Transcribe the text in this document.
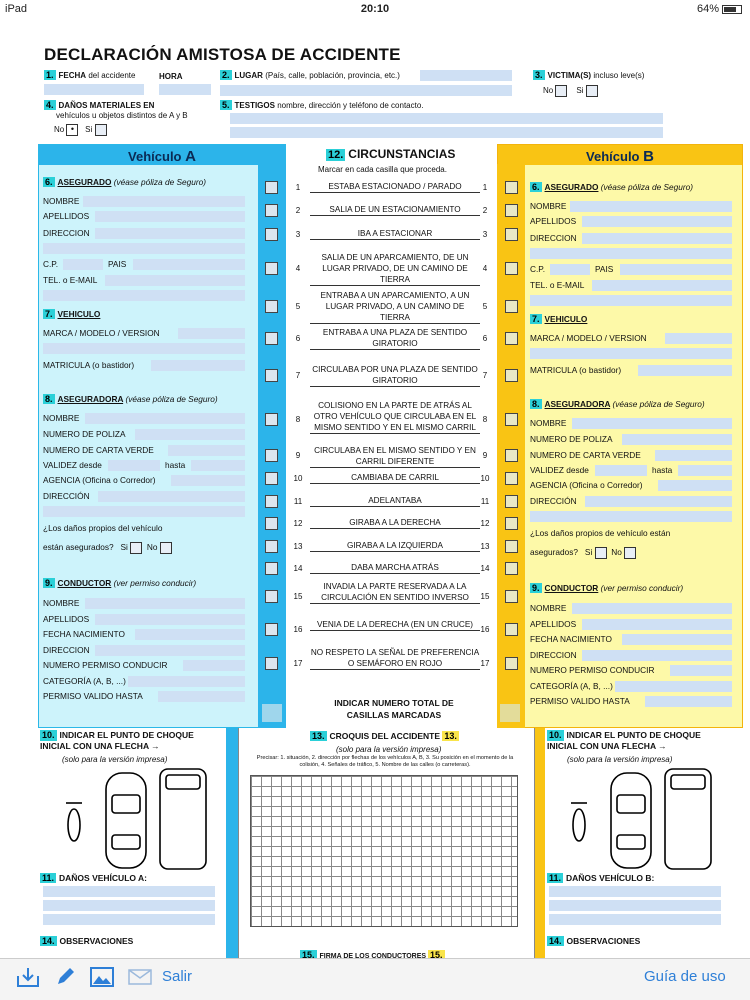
iPad	20:10	64%
DECLARACIÓN AMISTOSA DE ACCIDENTE
1. FECHA del accidente	HORA	2. LUGAR (País, calle, población, provincia, etc.)	3. VICTIMA(S) incluso leve(s)
No	Si
4. DAÑOS MATERIALES EN
vehículos u objetos distintos de A y B
No • Si
5. TESTIGOS nombre, dirección y teléfono de contacto.
Vehículo A	Vehículo B
12. CIRCUNSTANCIAS
Marcar en cada casilla que proceda.
ESTABA ESTACIONADO / PARADO
1	1
SALIA DE UN ESTACIONAMIENTO
2	2
IBA A ESTACIONAR
3	3
SALIA DE UN APARCAMIENTO, DE UN LUGAR PRIVADO, DE UN CAMINO DE TIERRA
4	4
ENTRABA A UN APARCAMIENTO, A UN LUGAR PRIVADO, A UN CAMINO DE TIERRA
5	5
ENTRABA A UNA PLAZA DE SENTIDO GIRATORIO
6	6
CIRCULABA POR UNA PLAZA DE SENTIDO GIRATORIO
7	7
COLISIONO EN LA PARTE DE ATRÁS AL OTRO VEHÍCULO QUE CIRCULABA EN EL MISMO SENTIDO Y EN EL MISMO CARRIL
8	8
CIRCULABA EN EL MISMO SENTIDO Y EN CARRIL DIFERENTE
9	9
CAMBIABA DE CARRIL
10	10
ADELANTABA
11	11
GIRABA A LA DERECHA
12	12
GIRABA A LA IZQUIERDA
13	13
DABA MARCHA ATRÁS
14	14
INVADIA LA PARTE RESERVADA A LA CIRCULACIÓN EN SENTIDO INVERSO
15	15
VENIA DE LA DERECHA (EN UN CRUCE)
16	16
NO RESPETO LA SEÑAL DE PREFERENCIA O SEMÁFORO EN ROJO
17	17
INDICAR NUMERO TOTAL DE CASILLAS MARCADAS
6. ASEGURADO (véase póliza de Seguro)
NOMBRE
APELLIDOS
DIRECCION
C.P.	PAIS
TEL. o E-MAIL
7. VEHICULO
MARCA / MODELO / VERSION
MATRICULA (o bastidor)
8. ASEGURADORA (véase póliza de Seguro)
NOMBRE
NUMERO DE POLIZA
NUMERO DE CARTA VERDE
VALIDEZ desde	hasta
AGENCIA (Oficina o Corredor)
DIRECCIÓN
¿Los daños propios del vehículo
están asegurados? Si No
9. CONDUCTOR (ver permiso conducir)
NOMBRE
APELLIDOS
FECHA NACIMIENTO
DIRECCION
NUMERO PERMISO CONDUCIR
CATEGORÍA (A, B, ...)
PERMISO VALIDO HASTA
6. ASEGURADO (véase póliza de Seguro)
NOMBRE
APELLIDOS
DIRECCION
C.P.	PAIS
TEL. o E-MAIL
7. VEHICULO
MARCA / MODELO / VERSION
MATRICULA (o bastidor)
8. ASEGURADORA (véase póliza de Seguro)
NOMBRE
NUMERO DE POLIZA
NUMERO DE CARTA VERDE
VALIDEZ desde	hasta
AGENCIA (Oficina o Corredor)
DIRECCIÓN
¿Los daños propios de vehículo están
asegurados? Si No
9. CONDUCTOR (ver permiso conducir)
NOMBRE
APELLIDOS
FECHA NACIMIENTO
DIRECCION
NUMERO PERMISO CONDUCIR
CATEGORÍA (A, B, ...)
PERMISO VALIDO HASTA
13. CROQUIS DEL ACCIDENTE 13.
(solo para la versión impresa)
Precisar: 1. situación, 2. dirección por flechas de los vehículos A, B, 3. Su posición en el momento de la colisión, 4. Señales de tráfico, 5. Nombre de las calles (o carreteras).
15. FIRMA DE LOS CONDUCTORES 15.
10. INDICAR EL PUNTO DE CHOQUE INICIAL CON UNA FLECHA →
(solo para la versión impresa)
11. DAÑOS VEHÍCULO A:
14. OBSERVACIONES
10. INDICAR EL PUNTO DE CHOQUE INICIAL CON UNA FLECHA →
(solo para la versión impresa)
11. DAÑOS VEHÍCULO B:
14. OBSERVACIONES
Salir	Guía de uso
